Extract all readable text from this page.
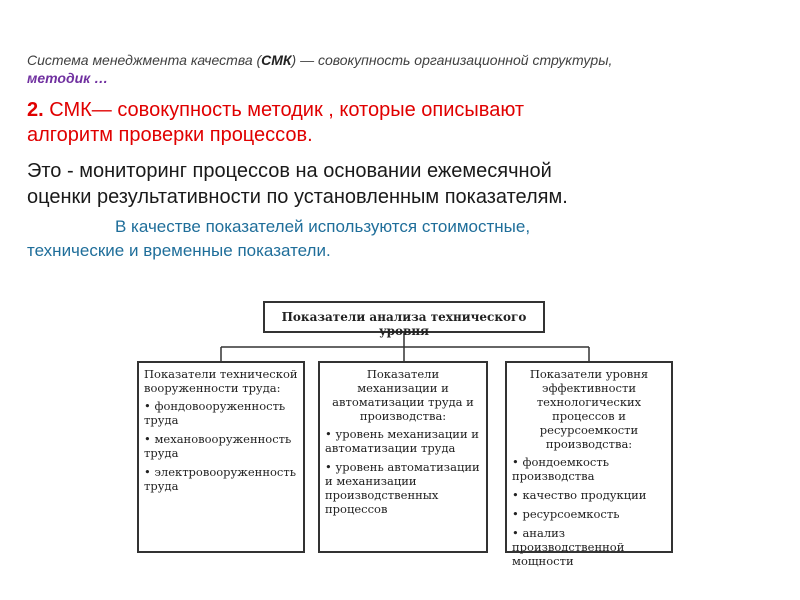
Система менеджмента качества (СМК) — совокупность организационной структуры,
методик …
2. СМК— совокупность методик , которые описывают
алгоритм проверки процессов.
Это - мониторинг процессов на основании ежемесячной
оценки результативности по установленным показателям.
В качестве показателей используются стоимостные,
технические и временные показатели.
Показатели анализа технического уровня
Показатели технической вооруженности труда:
• фондовооруженность труда
• механовооруженность труда
• электровооруженность труда
Показатели механизации и автоматизации труда и производства:
• уровень механизации и автоматизации труда
• уровень автоматизации и механизации производственных процессов
Показатели уровня эффективности технологических процессов и ресурсоемкости производства:
• фондоемкость производства
• качество продукции
• ресурсоемкость
• анализ производственной мощности
